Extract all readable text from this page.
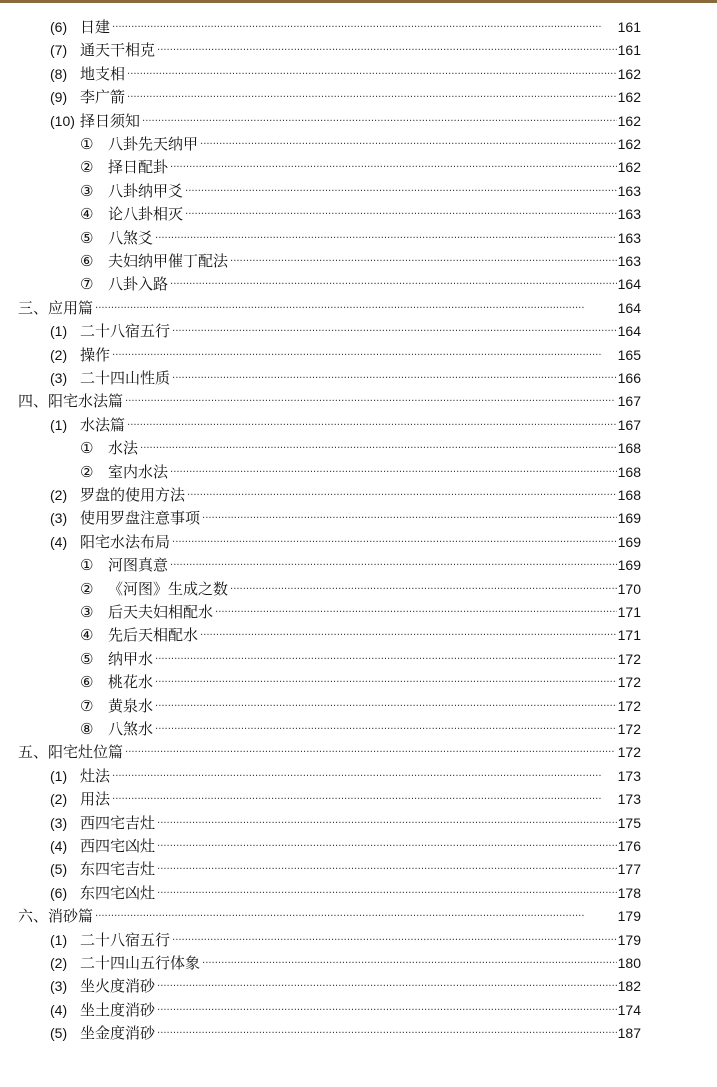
(6) 日建 ·····	161
(7) 通天干相克 ·····	161
(8) 地支相 ·····	162
(9) 李广箭 ·····	162
(10) 择日须知 ·····	162
① 八卦先天纳甲 ·····	162
② 择日配卦 ·····	162
③ 八卦纳甲爻 ·····	163
④ 论八卦相灭 ·····	163
⑤ 八煞爻 ·····	163
⑥ 夫妇纳甲催丁配法 ·····	163
⑦ 八卦入路 ·····	164
三、应用篇 ·····	164
(1) 二十八宿五行 ·····	164
(2) 操作 ·····	165
(3) 二十四山性质 ·····	166
四、阳宅水法篇 ·····	167
(1) 水法篇 ·····	167
① 水法 ·····	168
② 室内水法 ·····	168
(2) 罗盘的使用方法 ·····	168
(3) 使用罗盘注意事项 ·····	169
(4) 阳宅水法布局 ·····	169
① 河图真意 ·····	169
② 《河图》生成之数 ·····	170
③ 后天夫妇相配水 ·····	171
④ 先后天相配水 ·····	171
⑤ 纳甲水 ·····	172
⑥ 桃花水 ·····	172
⑦ 黄泉水 ·····	172
⑧ 八煞水 ·····	172
五、阳宅灶位篇 ·····	172
(1) 灶法 ·····	173
(2) 用法 ·····	173
(3) 西四宅吉灶 ·····	175
(4) 西四宅凶灶 ·····	176
(5) 东四宅吉灶 ·····	177
(6) 东四宅凶灶 ·····	178
六、消砂篇 ·····	179
(1) 二十八宿五行 ·····	179
(2) 二十四山五行体象 ·····	180
(3) 坐火度消砂 ·····	182
(4) 坐土度消砂 ·····	174
(5) 坐金度消砂 ·····	187
